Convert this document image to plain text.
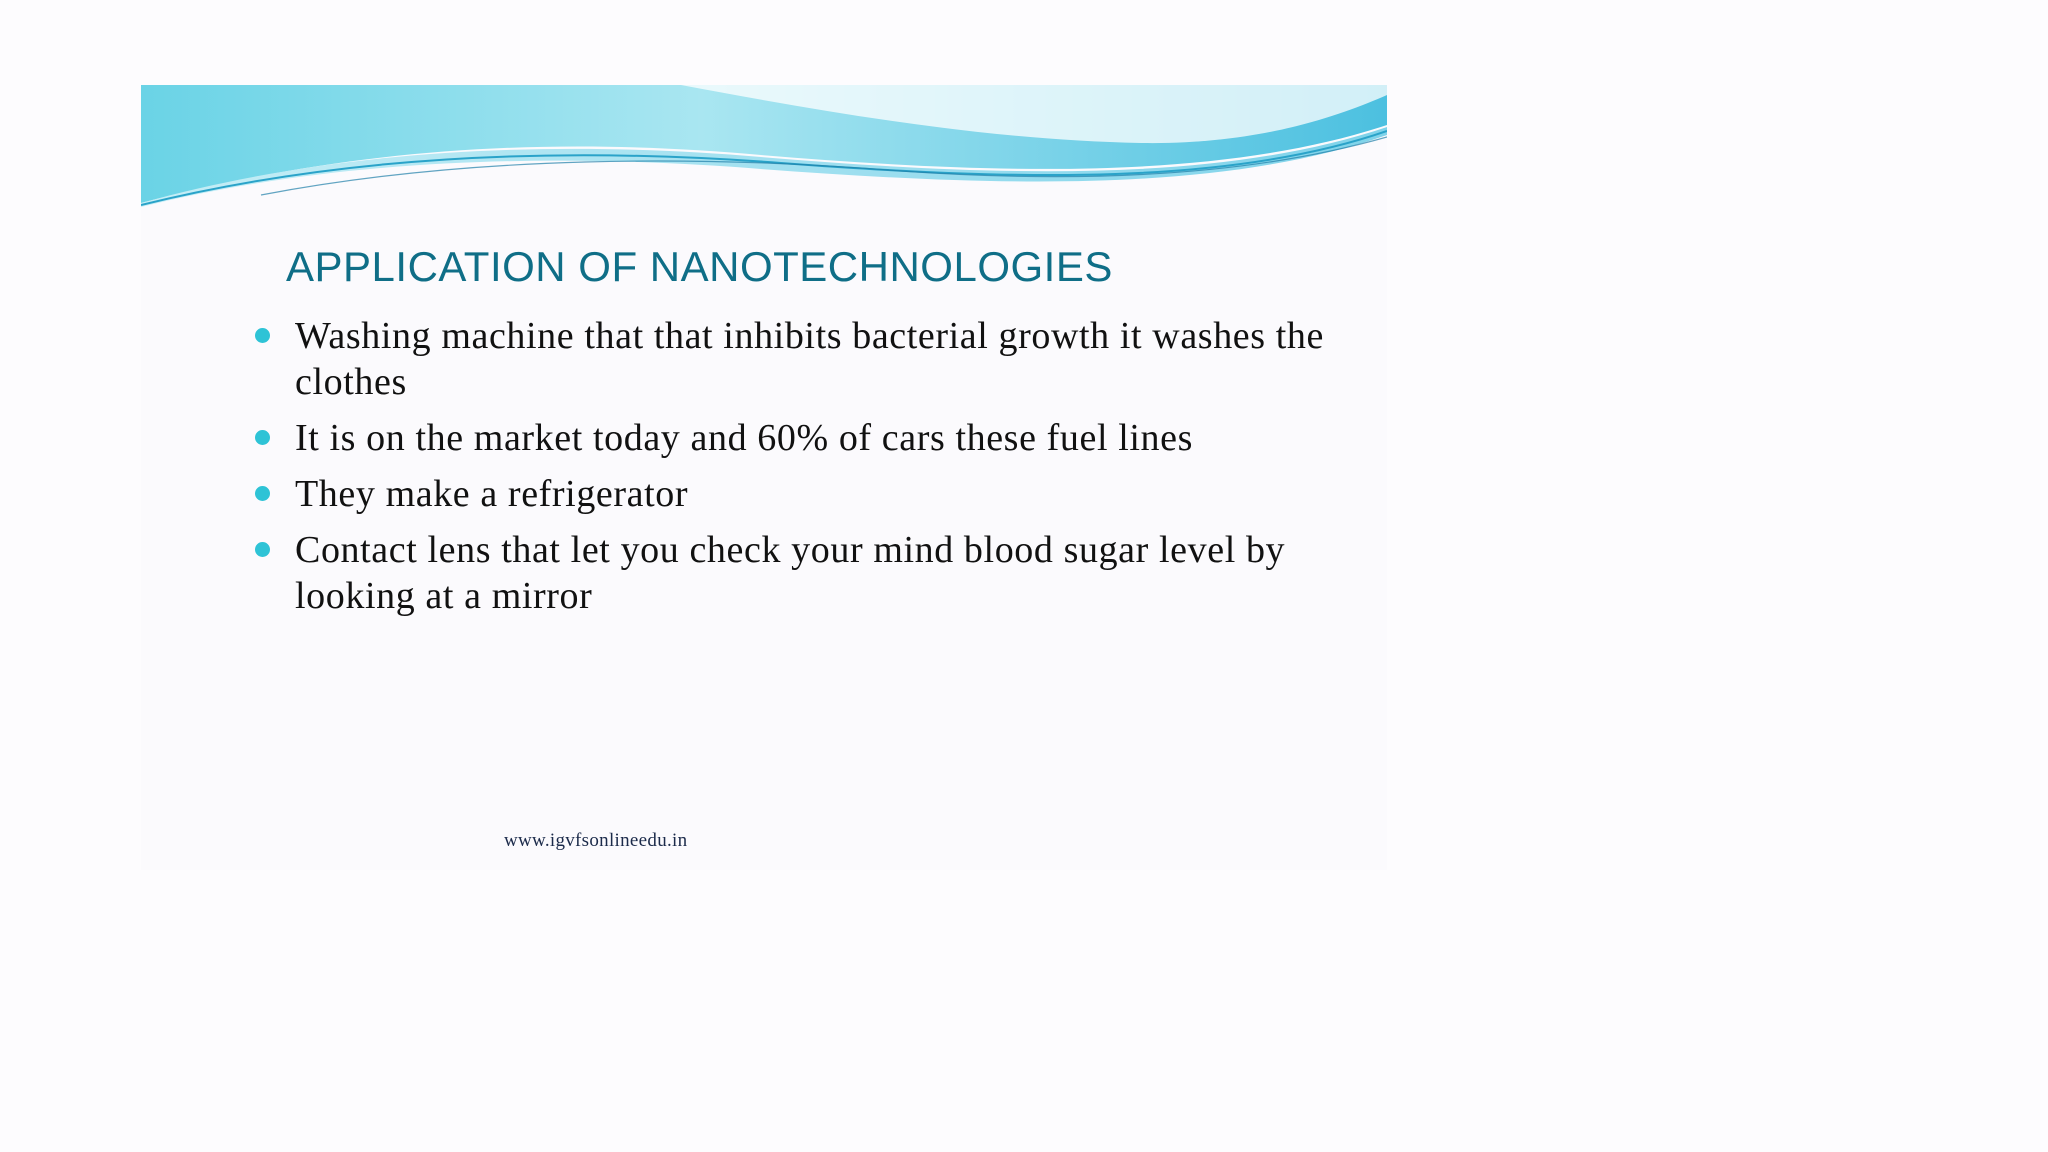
APPLICATION OF NANOTECHNOLOGIES
Washing machine that that inhibits bacterial growth it washes the clothes
It is on the market today and 60% of cars these fuel lines
They make a refrigerator
Contact lens that let you check your mind blood sugar level by looking at a mirror
www.igvfsonlineedu.in
